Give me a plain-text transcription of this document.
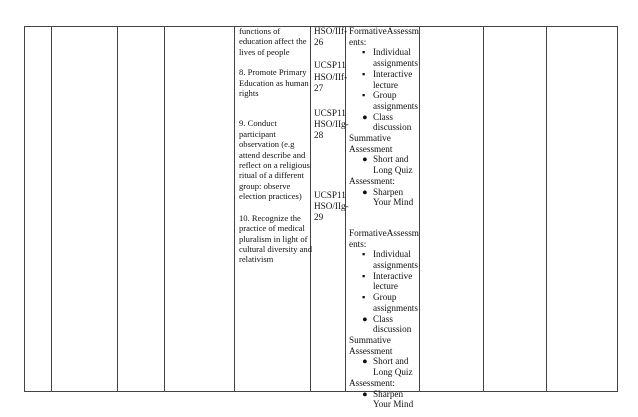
functions of

education affect the

lives of people

8. Promote Primary

Education as human

rights

9. Conduct

participant

observation (e.g

attend describe and

reflect on a religious

ritual of a different

group: observe

election practices)

10. Recognize the

practice of medical

pluralism in light of

cultural diversity and

relativism

HSO/IIf-

26

UCSP11

HSO/IIf-

27

UCSP11

HSO/IIg-

28

UCSP11

HSO/IIg-

29

FormativeAssessm

ents:

▪ Individual
assignments
▪ Interactive
lecture
▪ Group
assignments
● Class
discussion

Summative

Assessment

● Short and
Long Quiz

Assessment:

● Sharpen
Your Mind

FormativeAssessm

ents:

▪ Individual
assignments
▪ Interactive
lecture
▪ Group
assignments
● Class
discussion

Summative

Assessment

● Short and
Long Quiz

Assessment:

● Sharpen
Your Mind
